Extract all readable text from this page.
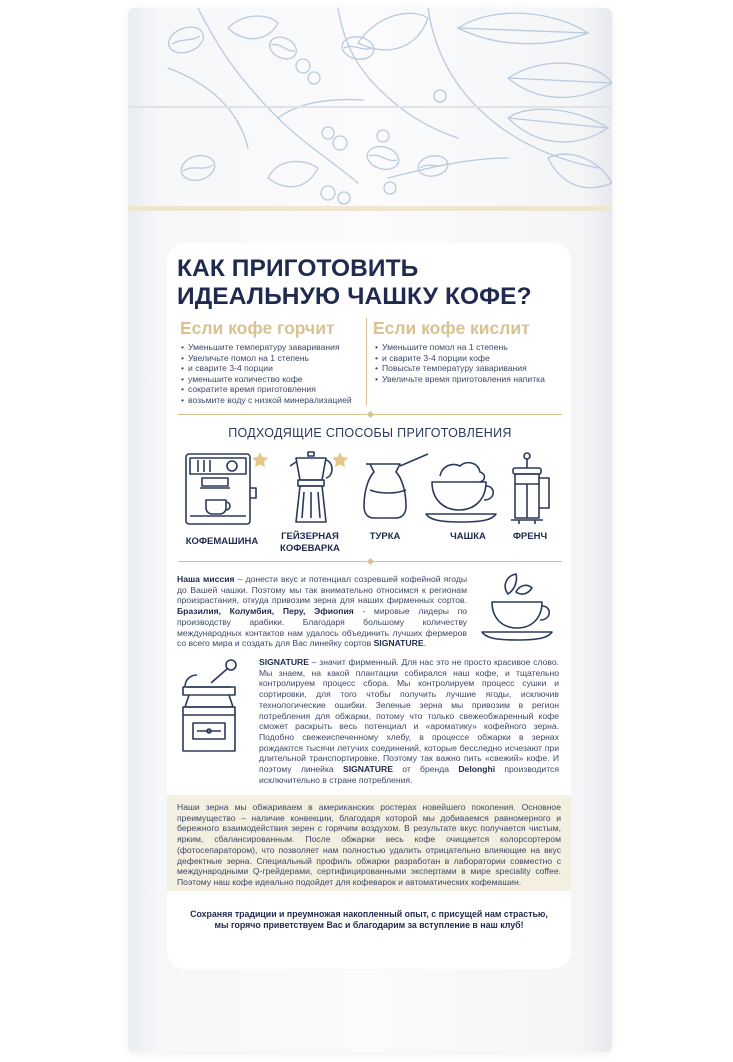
КАК ПРИГОТОВИТЬ
ИДЕАЛЬНУЮ ЧАШКУ КОФЕ?
Если кофе горчит
• Уменьшите температуру заваривания
• Увеличьте помол на 1 степень
• и сварите 3-4 порции
• уменьшите количество кофе
• сократите время приготовления
• возьмите воду с низкой минерализацией
Если кофе кислит
• Уменьшите помол на 1 степень
• и сварите 3-4 порции кофе
• Повысьте температуру заваривания
• Увеличьте время приготовления напитка
ПОДХОДЯЩИЕ СПОСОБЫ ПРИГОТОВЛЕНИЯ
КОФЕМАШИНА	ГЕЙЗЕРНАЯ
КОФЕВАРКА
ТУРКА	ЧАШКА	ФРЕНЧ
Наша миссия – донести вкус и потенциал созревшей кофейной ягоды до Вашей чашки. Поэтому мы так внимательно относимся к регионам произрастания, откуда привозим зерна для наших фирменных сортов. Бразилия, Колумбия, Перу, Эфиопия - мировые лидеры по производству арабики. Благодаря большому количеству международных контактов нам удалось объединить лучших фермеров со всего мира и создать для Вас линейку сортов SIGNATURE.
SIGNATURE – значит фирменный. Для нас это не просто красивое слово. Мы знаем, на какой плантации собирался наш кофе, и тщательно контролируем процесс сбора. Мы контролируем процесс сушки и сортировки, для того чтобы получить лучшие ягоды, исключив технологические ошибки. Зеленые зерна мы привозим в регион потребления для обжарки, потому что только свежеобжаренный кофе сможет раскрыть весь потенциал и «ароматику» кофейного зерна. Подобно свежеиспеченному хлебу, в процессе обжарки в зернах рождаются тысячи летучих соединений, которые бесследно исчезают при длительной транспортировке. Поэтому так важно пить «свежий» кофе. И поэтому линейка SIGNATURE от бренда Delonghi производится исключительно в стране потребления.
Наши зерна мы обжариваем в американских ростерах новейшего поколения. Основное преимущество – наличие конвекции, благодаря которой мы добиваемся равномерного и бережного взаимодействия зерен с горячим воздухом. В результате вкус получается чистым, ярким, сбалансированным. После обжарки весь кофе очищается колорсортером (фотосепаратором), что позволяет нам полностью удалить отрицательно влияющие на вкус дефектные зерна. Специальный профиль обжарки разработан в лаборатории совместно с международными Q-грейдерами, сертифицированными экспертами в мире speciality coffee. Поэтому наш кофе идеально подойдет для кофеварок и автоматических кофемашин.
Сохраняя традиции и преумножая накопленный опыт, с присущей нам страстью,
мы горячо приветствуем Вас и благодарим за вступление в наш клуб!
